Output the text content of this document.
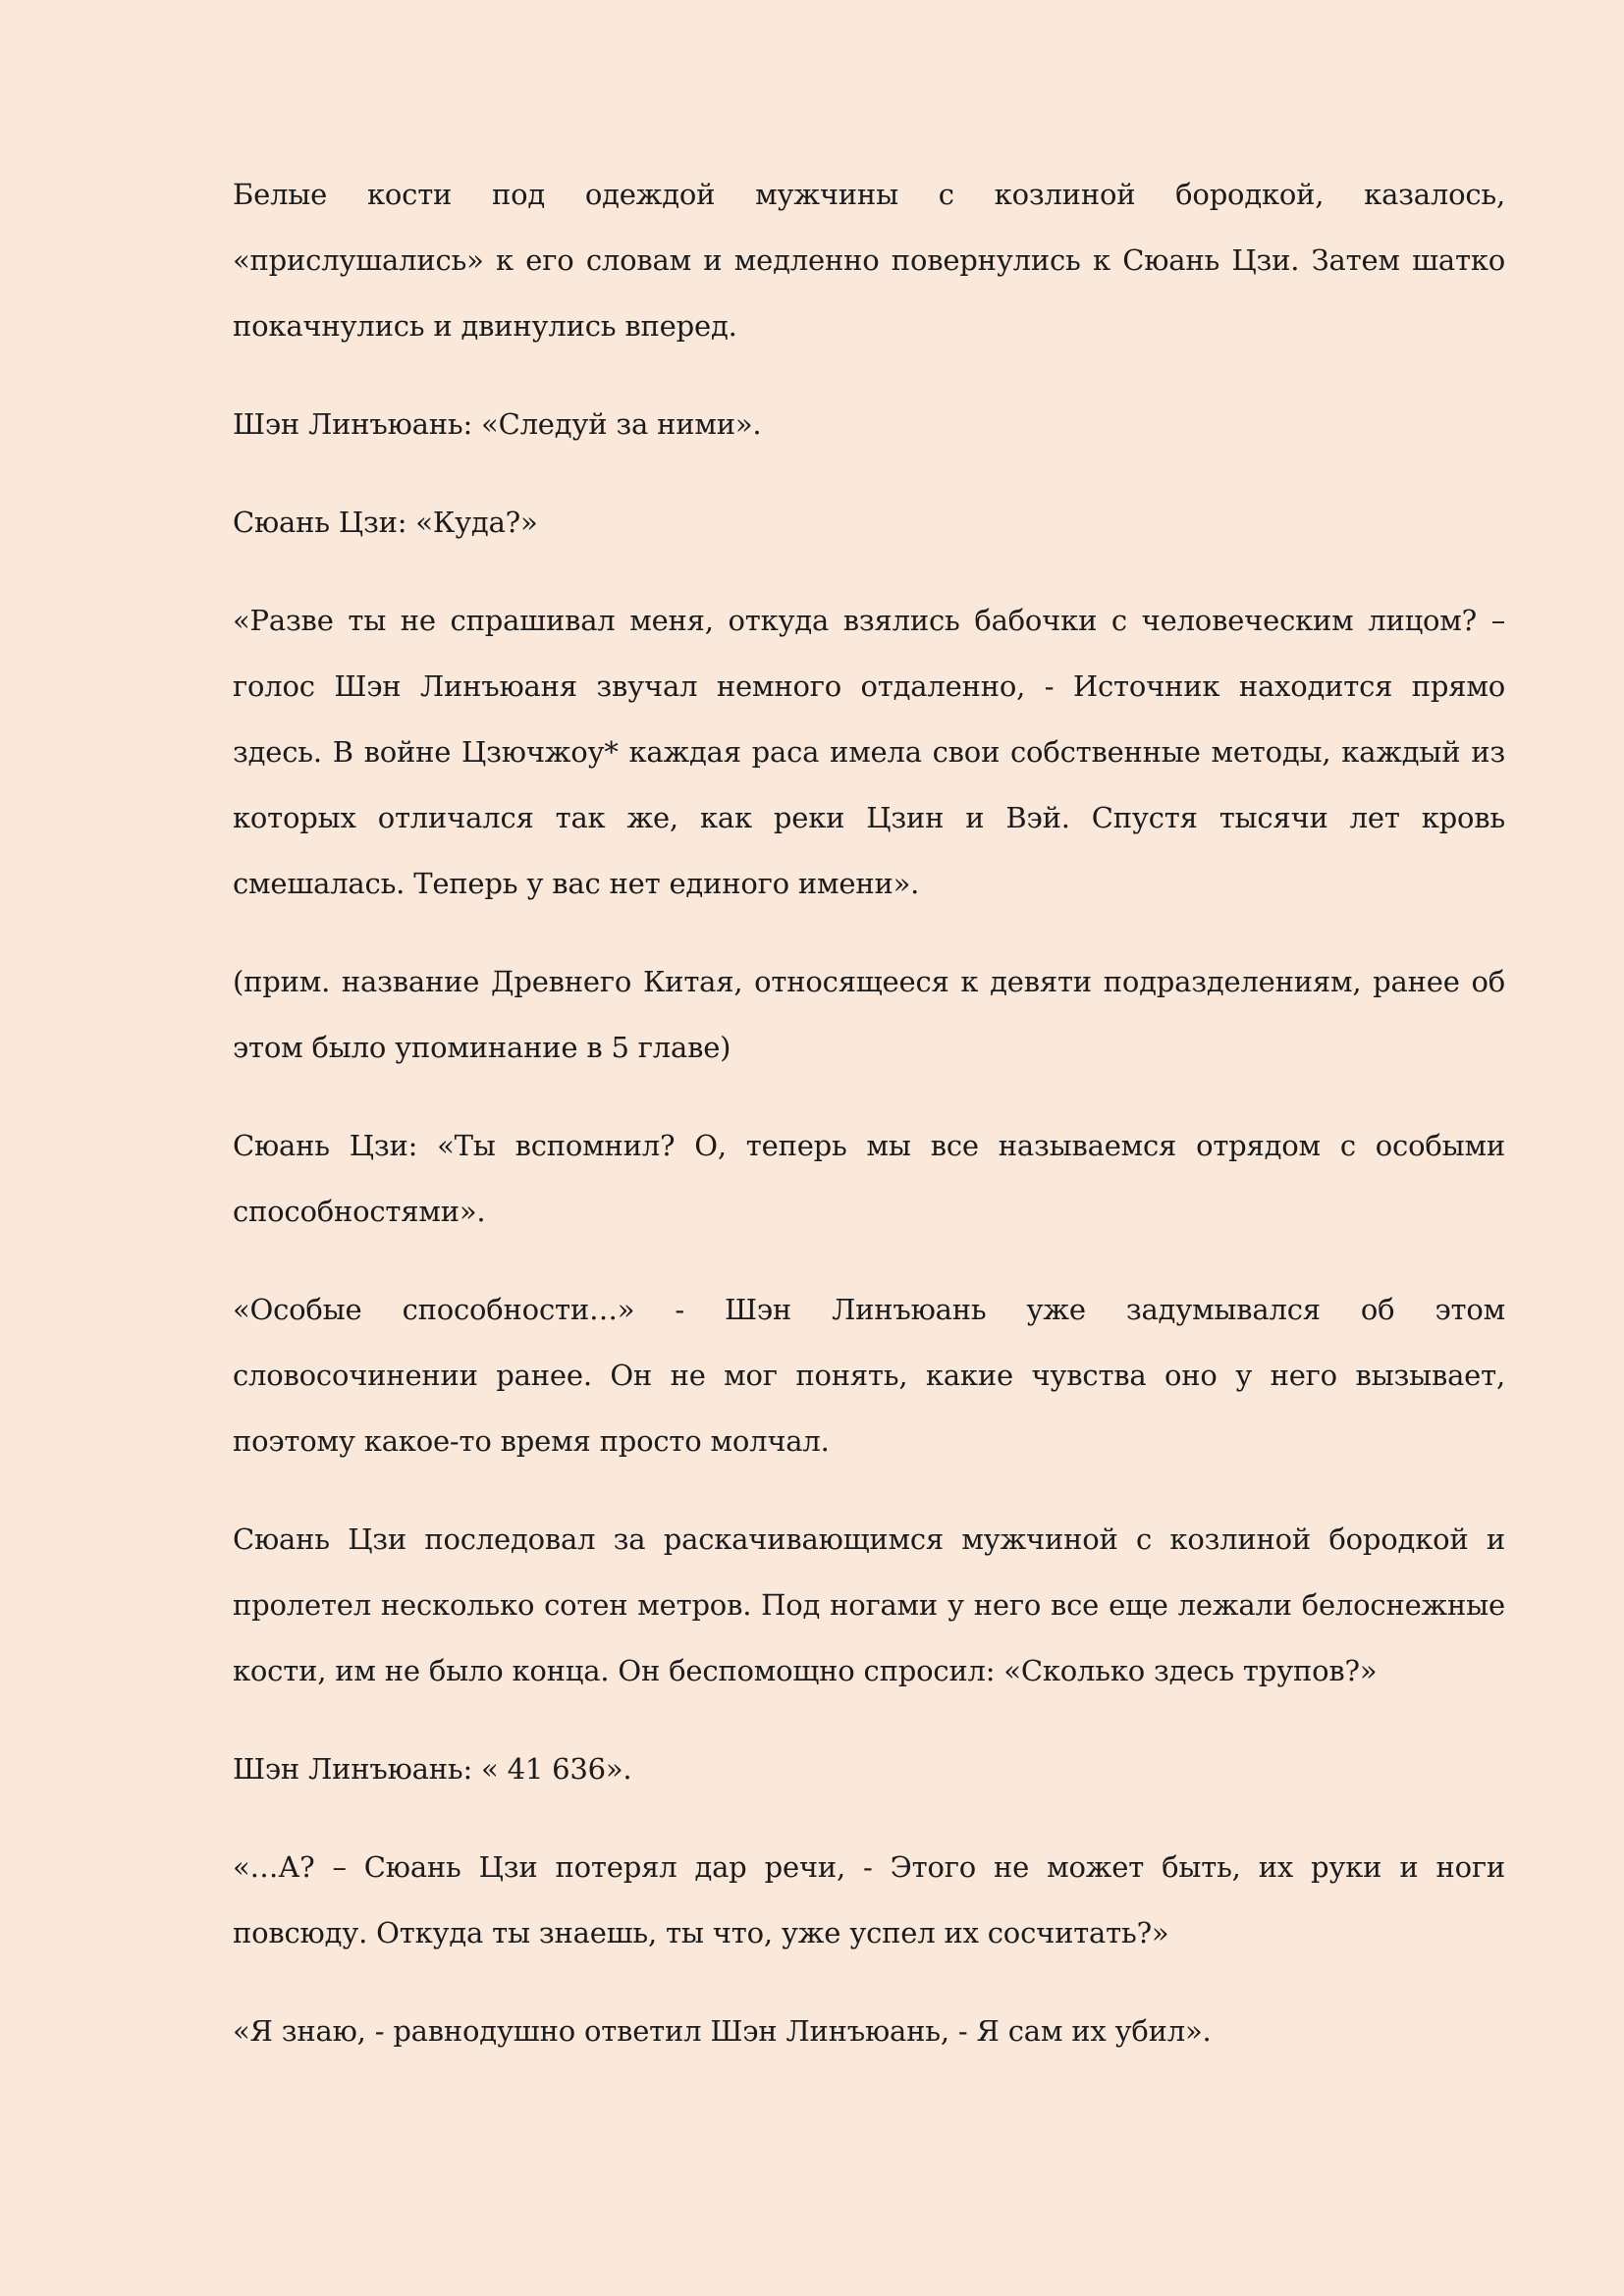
Белые кости под одеждой мужчины с козлиной бородкой, казалось, «прислушались» к его словам и медленно повернулись к Сюань Цзи. Затем шатко покачнулись и двинулись вперед.

Шэн Линъюань: «Следуй за ними».

Сюань Цзи: «Куда?»

«Разве ты не спрашивал меня, откуда взялись бабочки с человеческим лицом? – голос Шэн Линъюаня звучал немного отдаленно, - Источник находится прямо здесь. В войне Цзючжоу* каждая раса имела свои собственные методы, каждый из которых отличался так же, как реки Цзин и Вэй. Спустя тысячи лет кровь смешалась. Теперь у вас нет единого имени».

(прим. название Древнего Китая, относящееся к девяти подразделениям, ранее об этом было упоминание в 5 главе)

Сюань Цзи: «Ты вспомнил? О, теперь мы все называемся отрядом с особыми способностями».

«Особые способности…» - Шэн Линъюань уже задумывался об этом словосочинении ранее. Он не мог понять, какие чувства оно у него вызывает, поэтому какое-то время просто молчал.

Сюань Цзи последовал за раскачивающимся мужчиной с козлиной бородкой и пролетел несколько сотен метров. Под ногами у него все еще лежали белоснежные кости, им не было конца. Он беспомощно спросил: «Сколько здесь трупов?»

Шэн Линъюань: « 41 636».

«…А? – Сюань Цзи потерял дар речи, - Этого не может быть, их руки и ноги повсюду. Откуда ты знаешь, ты что, уже успел их сосчитать?»

«Я знаю, - равнодушно ответил Шэн Линъюань, - Я сам их убил».
